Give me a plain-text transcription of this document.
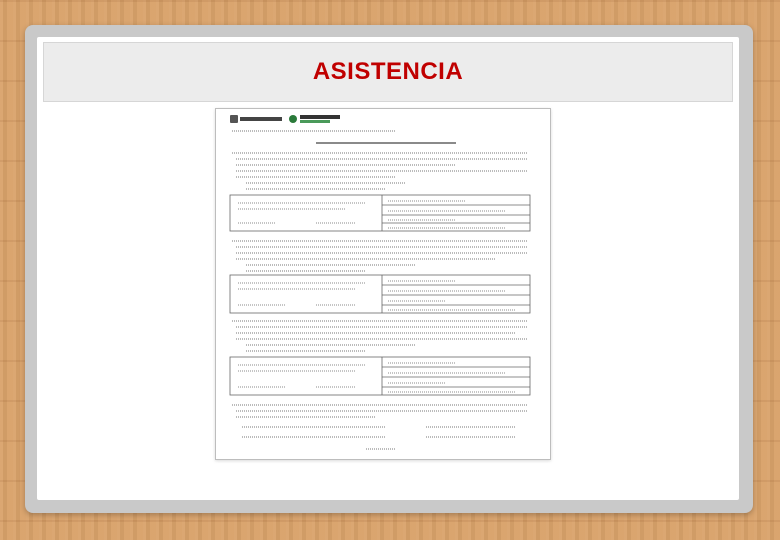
ASISTENCIA
